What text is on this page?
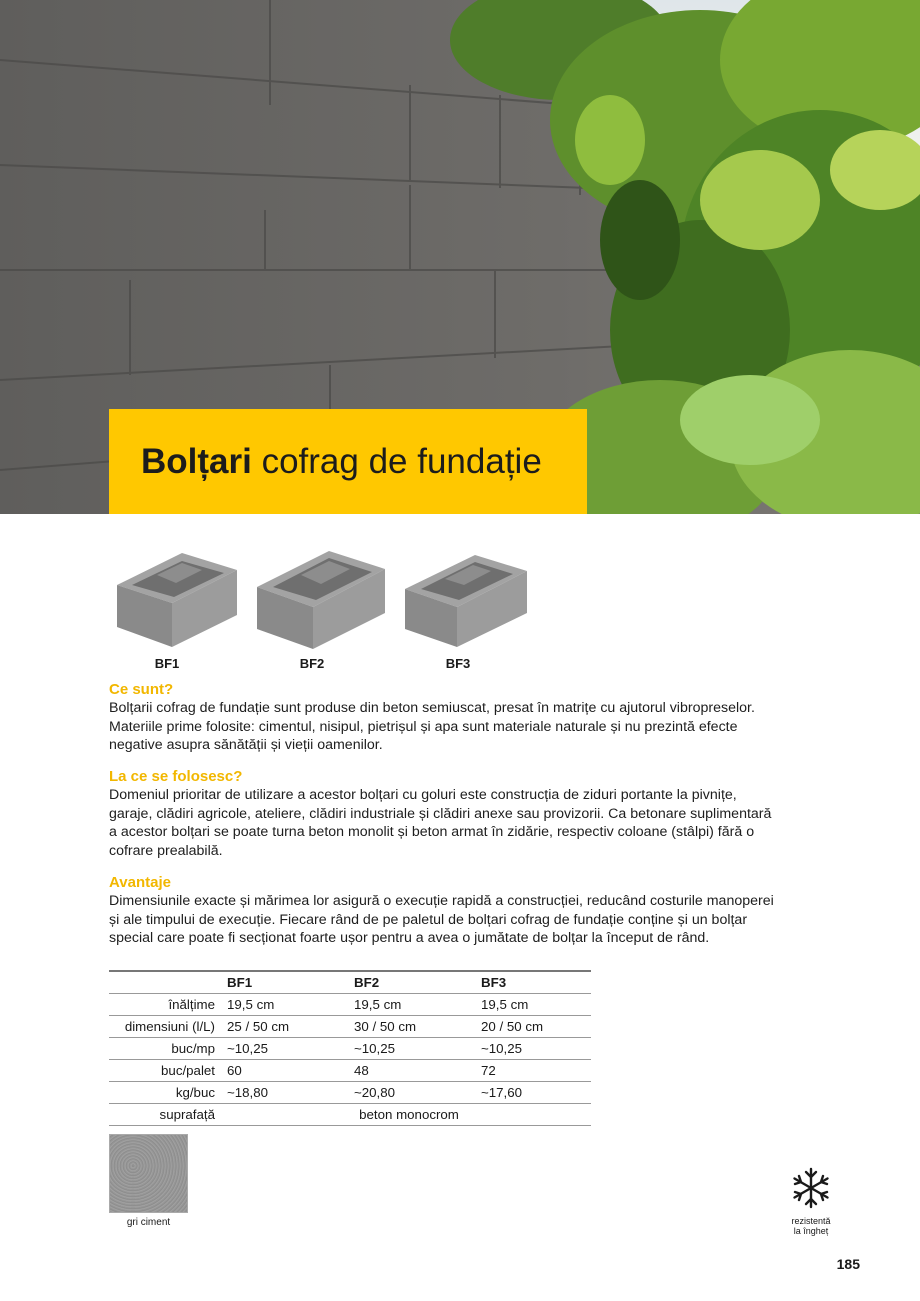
Bolțari cofrag de fundație
BF1	BF2	BF3
Ce sunt?

Bolțarii cofrag de fundație sunt produse din beton semiuscat, presat în matrițe cu ajutorul vibropreselor.

Materiile prime folosite: cimentul, nisipul, pietrișul și apa sunt materiale naturale și nu prezintă efecte

negative asupra sănătății și vieții oamenilor.

La ce se folosesc?

Domeniul prioritar de utilizare a acestor bolțari cu goluri este construcția de ziduri portante la pivnițe,

garaje, clădiri agricole, ateliere, clădiri industriale și clădiri anexe sau provizorii. Ca betonare suplimentară

a acestor bolțari se poate turna beton monolit și beton armat în zidărie, respectiv coloane (stâlpi) fără o

cofrare prealabilă.

Avantaje

Dimensiunile exacte și mărimea lor asigură o execuție rapidă a construcției, reducând costurile manoperei

și ale timpului de execuție. Fiecare rând de pe paletul de bolțari cofrag de fundație conține și un bolțar

special care poate fi secționat foarte ușor pentru a avea o jumătate de bolțar la început de rând.

	BF1	BF2	BF3
înălțime	19,5 cm	19,5 cm	19,5 cm
dimensiuni (l/L)	25 / 50 cm	30 / 50 cm	20 / 50 cm
buc/mp	~10,25	~10,25	~10,25
buc/palet	60	48	72
kg/buc	~18,80	~20,80	~17,60
suprafață	beton monocrom		
gri ciment	rezistentă
la îngheț
185
